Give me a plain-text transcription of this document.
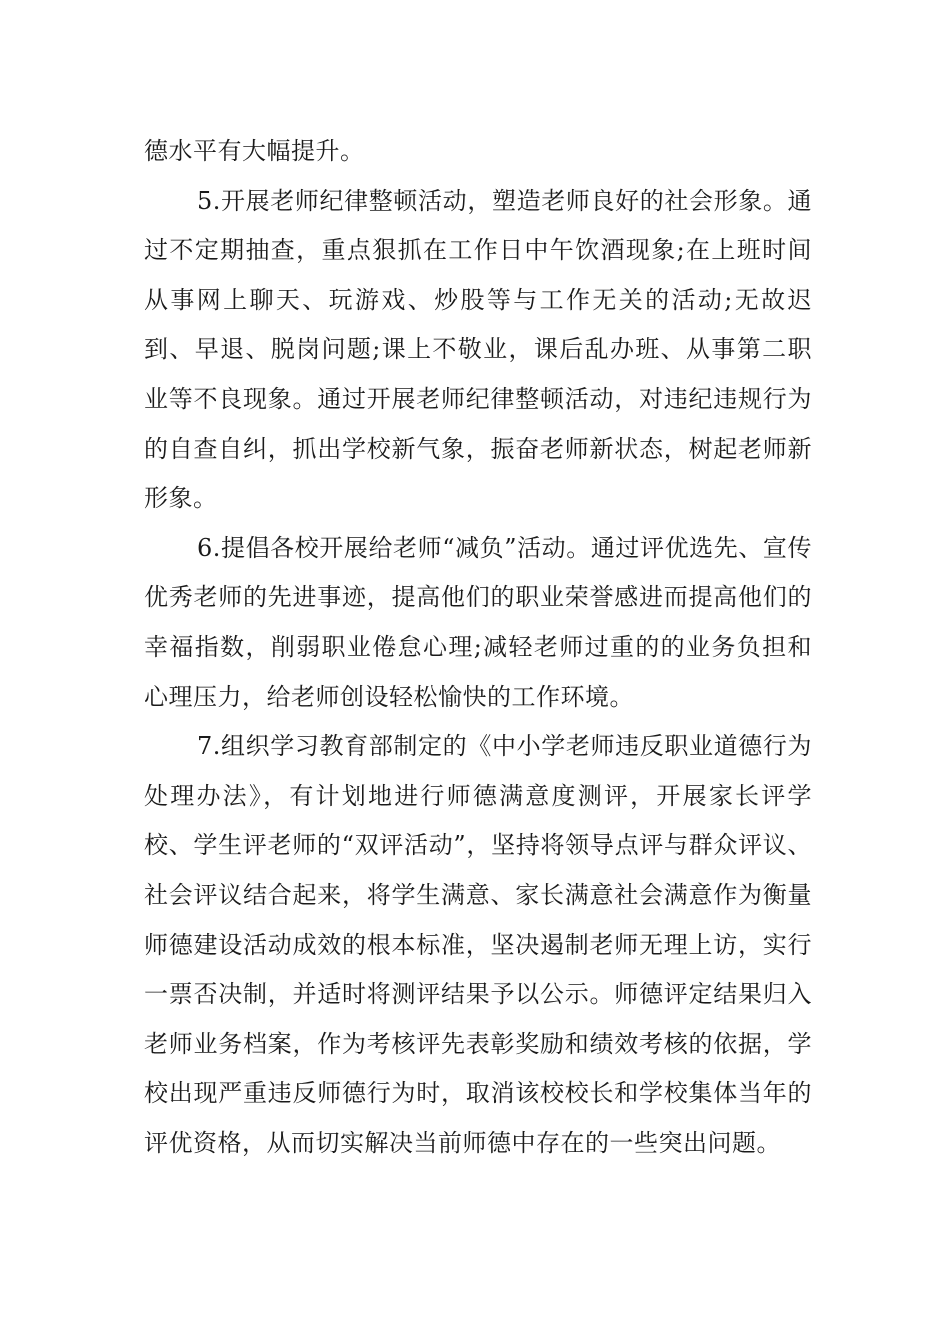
德水平有大幅提升。

5.开展老师纪律整顿活动，塑造老师良好的社会形象。通过不定期抽查，重点狠抓在工作日中午饮酒现象;在上班时间从事网上聊天、玩游戏、炒股等与工作无关的活动;无故迟到、早退、脱岗问题;课上不敬业，课后乱办班、从事第二职业等不良现象。通过开展老师纪律整顿活动，对违纪违规行为的自查自纠，抓出学校新气象，振奋老师新状态，树起老师新形象。

6.提倡各校开展给老师“减负”活动。通过评优选先、宣传优秀老师的先进事迹，提高他们的职业荣誉感进而提高他们的幸福指数，削弱职业倦怠心理;减轻老师过重的的业务负担和心理压力，给老师创设轻松愉快的工作环境。

7.组织学习教育部制定的《中小学老师违反职业道德行为处理办法》，有计划地进行师德满意度测评，开展家长评学校、学生评老师的“双评活动”，坚持将领导点评与群众评议、社会评议结合起来，将学生满意、家长满意社会满意作为衡量师德建设活动成效的根本标准，坚决遏制老师无理上访，实行一票否决制，并适时将测评结果予以公示。师德评定结果归入老师业务档案，作为考核评先表彰奖励和绩效考核的依据，学校出现严重违反师德行为时，取消该校校长和学校集体当年的评优资格，从而切实解决当前师德中存在的一些突出问题。
